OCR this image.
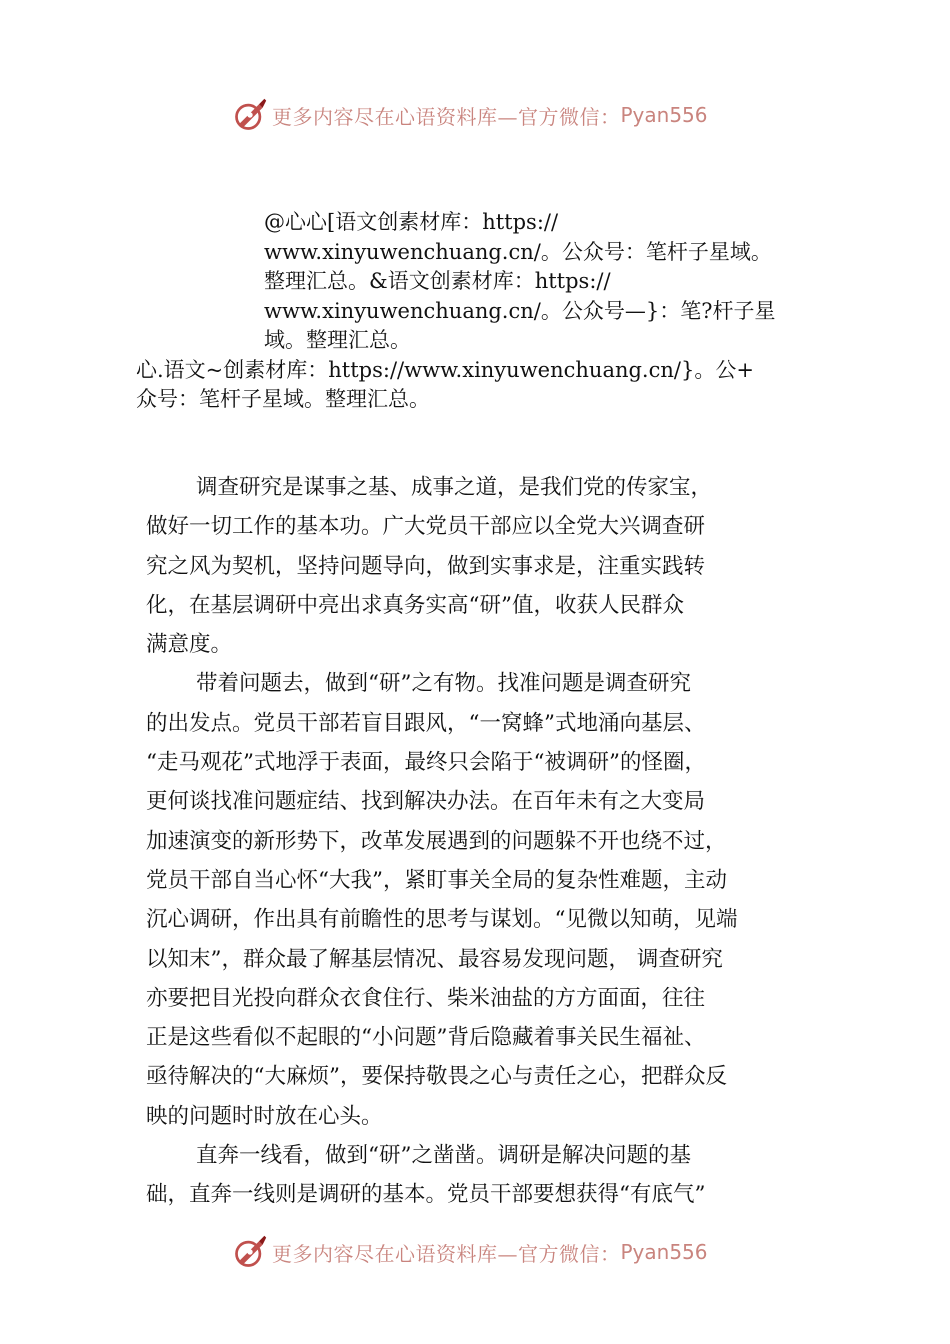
更多内容尽在心语资料库—官方微信： Pyan556
@心心[语文创素材库：https://
www.xinyuwenchuang.cn/。公众号：笔杆子星域。
整理汇总。&语文创素材库：https://
www.xinyuwenchuang.cn/。公众号—}：笔?杆子星
域。整理汇总。
心.语文~创素材库：https://www.xinyuwenchuang.cn/}。公+
众号：笔杆子星域。整理汇总。
调查研究是谋事之基、成事之道，是我们党的传家宝，
做好一切工作的基本功。广大党员干部应以全党大兴调查研
究之风为契机，坚持问题导向，做到实事求是，注重实践转
化，在基层调研中亮出求真务实高“研”值，收获人民群众
满意度。
带着问题去，做到“研”之有物。找准问题是调查研究
的出发点。党员干部若盲目跟风，“一窝蜂”式地涌向基层、
“走马观花”式地浮于表面，最终只会陷于“被调研”的怪圈，
更何谈找准问题症结、找到解决办法。在百年未有之大变局
加速演变的新形势下，改革发展遇到的问题躲不开也绕不过，
党员干部自当心怀“大我”，紧盯事关全局的复杂性难题，主动
沉心调研，作出具有前瞻性的思考与谋划。“见微以知萌，见端
以知末”，群众最了解基层情况、最容易发现问题， 调查研究
亦要把目光投向群众衣食住行、柴米油盐的方方面面，往往
正是这些看似不起眼的“小问题”背后隐藏着事关民生福祉、
亟待解决的“大麻烦”，要保持敬畏之心与责任之心，把群众反
映的问题时时放在心头。
直奔一线看，做到“研”之凿凿。调研是解决问题的基
础，直奔一线则是调研的基本。党员干部要想获得“有底气”
更多内容尽在心语资料库—官方微信： Pyan556
